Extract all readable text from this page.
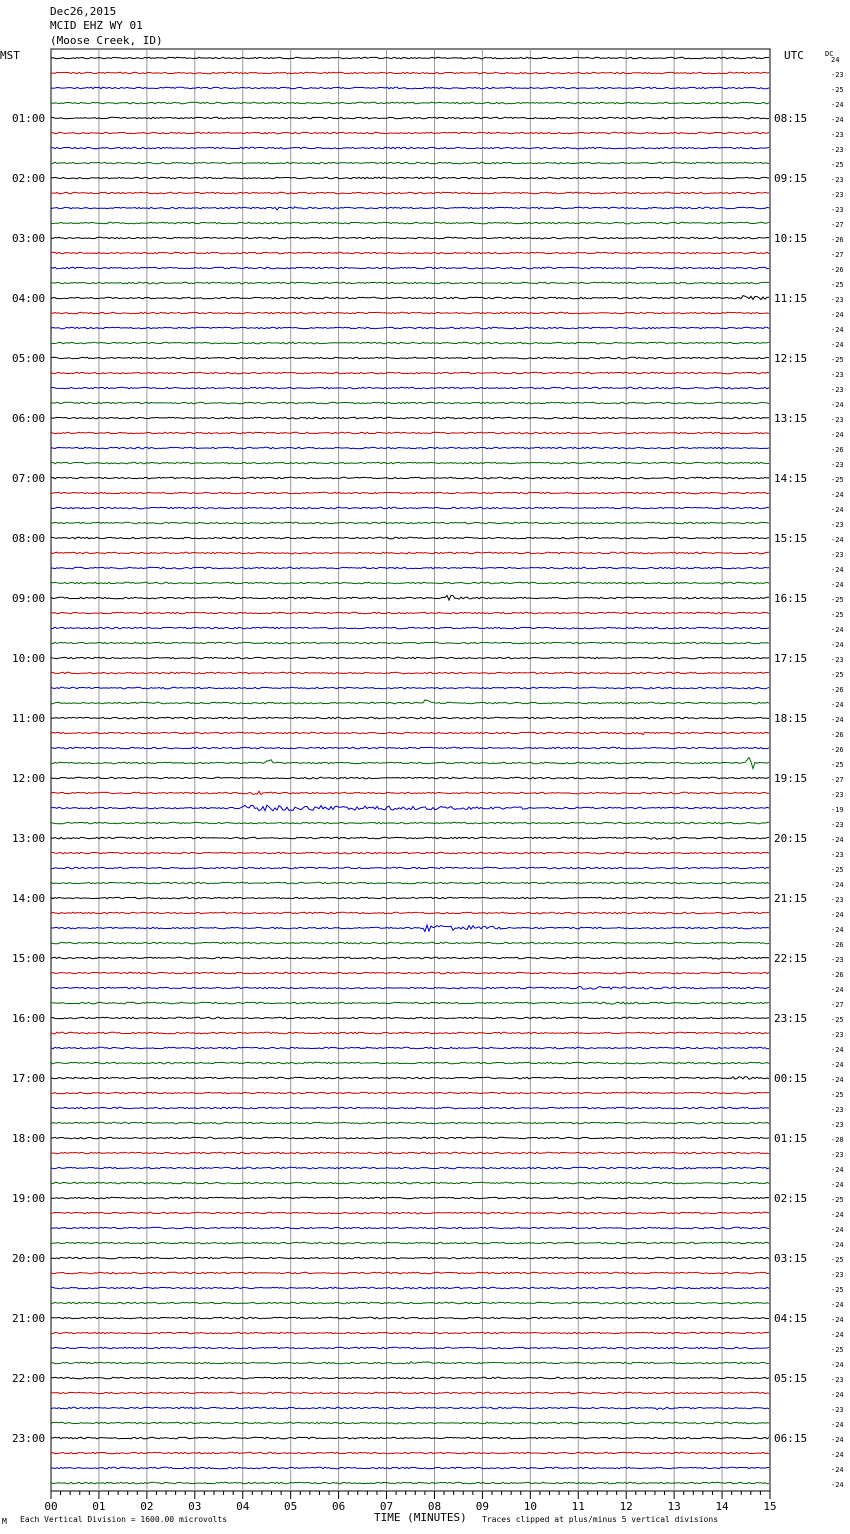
Dec26,2015
MCID EHZ WY 01
(Moose Creek, ID)
MST	UTC	24
-23
-25
-24
-24
01:00	08:15
-23
-23
-25
-23
02:00	09:15
-23
-23
-27
-26
03:00	10:15
-27
-26
-25
-23
04:00	11:15
-24
-24
-24
-25
05:00	12:15
-23
-23
-24
-23
06:00	13:15
-24
-26
-23
-25
07:00	14:15
-24
-24
-23
-24
08:00	15:15
-23
-24
-24
-25
09:00	16:15
-25
-24
-24
-23
10:00	17:15
-25
-26
-24
-24
11:00	18:15
-26
-26
-25
-27
12:00	19:15
-23
-19
-23
-24
13:00	20:15
-23
-25
-24
-23
14:00	21:15
-24
-24
-26
-23
15:00	22:15
-26
-24
-27
-25
16:00	23:15
-23
-24
-24
-24
17:00	00:15
-25
-23
-23
-28
18:00	01:15
-23
-24
-24
-25
19:00	02:15
-24
-24
-24
-25
20:00	03:15
-23
-25
-24
-24
21:00	04:15
-24
-25
-24
-23
22:00	05:15
-24
-23
-24
-24
23:00	06:15
-24
-24
-24
DC
00	01	02	03	04	05	06	07	08	09	10	11	12	13	14	15
M Each Vertical Division = 1600.00 microvolts	TIME (MINUTES) Traces clipped at plus/minus 5 vertical divisions
